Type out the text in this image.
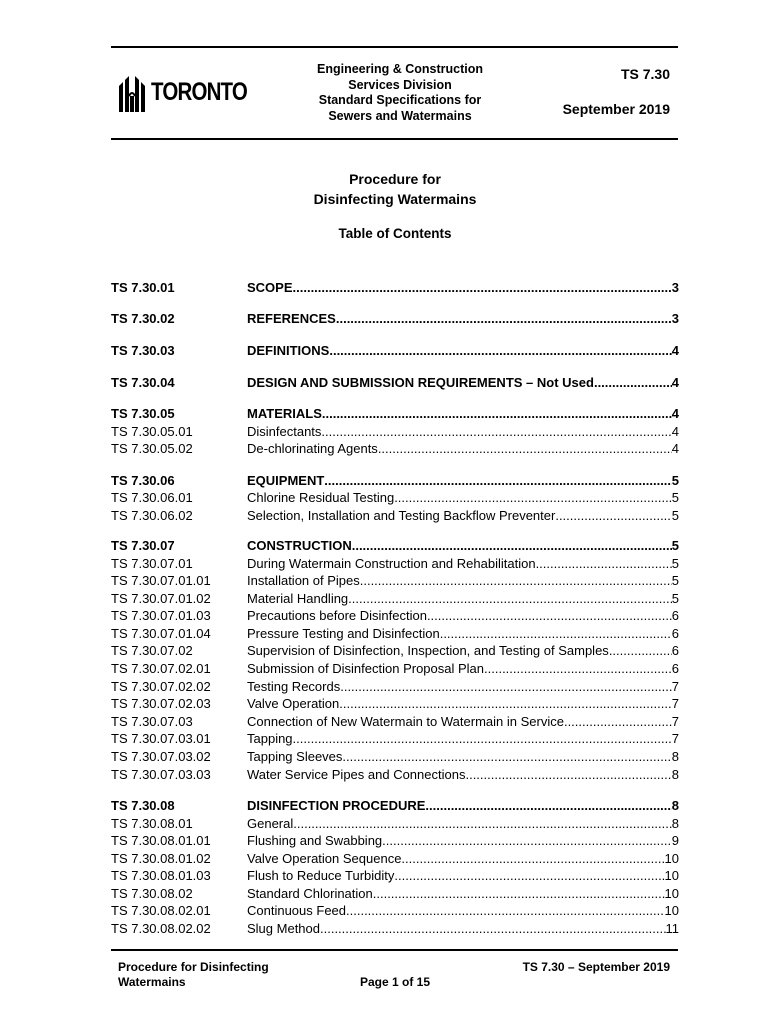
TORONTO
Engineering & Construction
Services Division
Standard Specifications for
Sewers and Watermains
TS 7.30
September 2019
Procedure for
Disinfecting Watermains
Table of Contents
TS 7.30.01	SCOPE .....	3
TS 7.30.02	REFERENCES .....	3
TS 7.30.03	DEFINITIONS .....	4
TS 7.30.04	DESIGN AND SUBMISSION REQUIREMENTS – Not Used .....	4
TS 7.30.05	MATERIALS .....	4
TS 7.30.05.01	Disinfectants .....	4
TS 7.30.05.02	De-chlorinating Agents .....	4
TS 7.30.06	EQUIPMENT .....	5
TS 7.30.06.01	Chlorine Residual Testing .....	5
TS 7.30.06.02	Selection, Installation and Testing Backflow Preventer .....	5
TS 7.30.07	CONSTRUCTION .....	5
TS 7.30.07.01	During Watermain Construction and Rehabilitation .....	5
TS 7.30.07.01.01	Installation of Pipes .....	5
TS 7.30.07.01.02	Material Handling .....	5
TS 7.30.07.01.03	Precautions before Disinfection .....	6
TS 7.30.07.01.04	Pressure Testing and Disinfection .....	6
TS 7.30.07.02	Supervision of Disinfection, Inspection, and Testing of Samples .....	6
TS 7.30.07.02.01	Submission of Disinfection Proposal Plan .....	6
TS 7.30.07.02.02	Testing Records .....	7
TS 7.30.07.02.03	Valve Operation .....	7
TS 7.30.07.03	Connection of New Watermain to Watermain in Service .....	7
TS 7.30.07.03.01	Tapping .....	7
TS 7.30.07.03.02	Tapping Sleeves .....	8
TS 7.30.07.03.03	Water Service Pipes and Connections .....	8
TS 7.30.08	DISINFECTION PROCEDURE .....	8
TS 7.30.08.01	General .....	8
TS 7.30.08.01.01	Flushing and Swabbing .....	9
TS 7.30.08.01.02	Valve Operation Sequence .....	10
TS 7.30.08.01.03	Flush to Reduce Turbidity .....	10
TS 7.30.08.02	Standard Chlorination .....	10
TS 7.30.08.02.01	Continuous Feed .....	10
TS 7.30.08.02.02	Slug Method .....	11
Procedure for Disinfecting
Watermains	Page 1 of 15
TS 7.30 – September 2019
